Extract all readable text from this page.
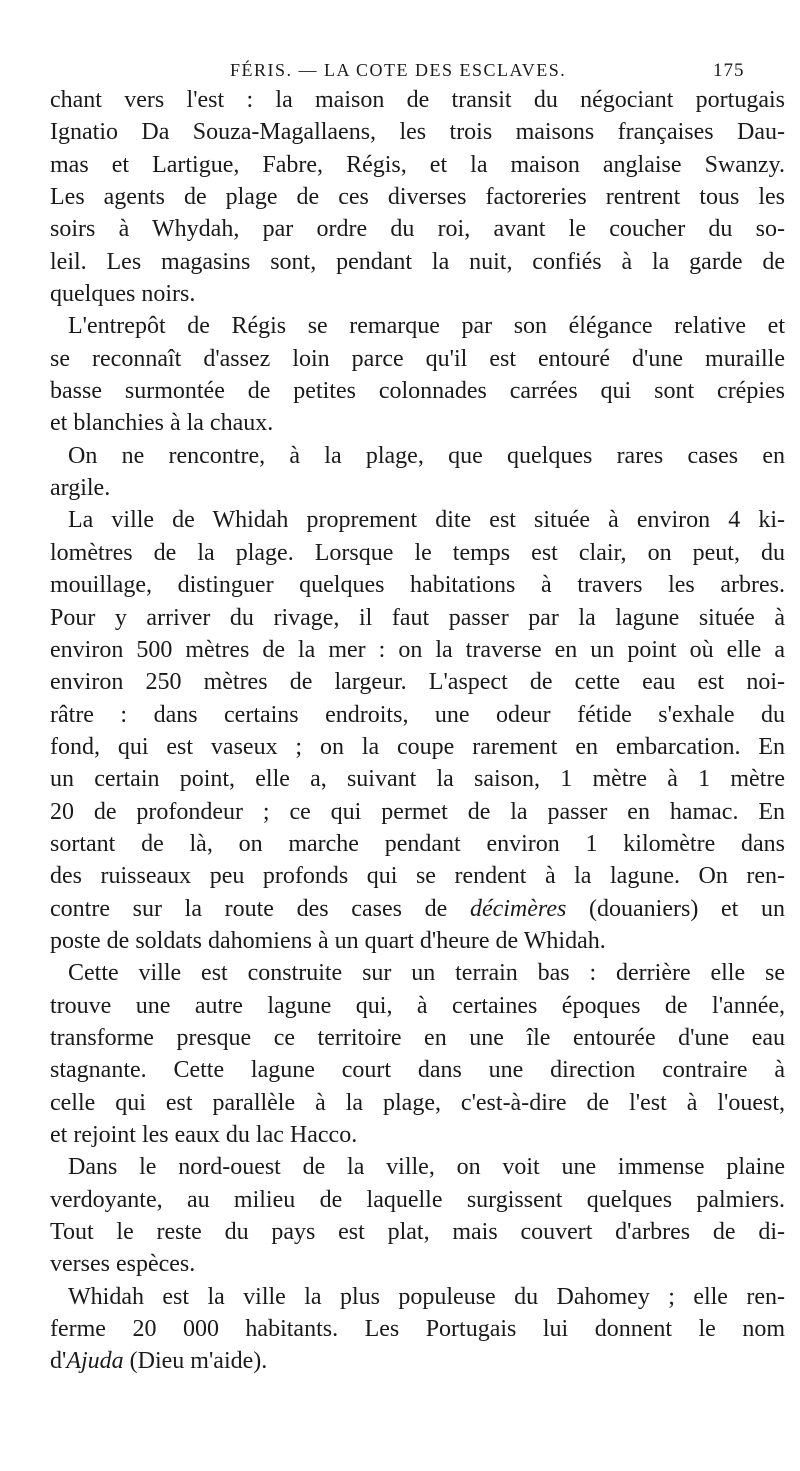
FÉRIS. — LA COTE DES ESCLAVES.	175
chant vers l'est : la maison de transit du négociant portugais
Ignatio Da Souza-Magallaens, les trois maisons françaises Dau-
mas et Lartigue, Fabre, Régis, et la maison anglaise Swanzy.
Les agents de plage de ces diverses factoreries rentrent tous les
soirs à Whydah, par ordre du roi, avant le coucher du so-
leil. Les magasins sont, pendant la nuit, confiés à la garde de
quelques noirs.
L'entrepôt de Régis se remarque par son élégance relative et
se reconnaît d'assez loin parce qu'il est entouré d'une muraille
basse surmontée de petites colonnades carrées qui sont crépies
et blanchies à la chaux.
On ne rencontre, à la plage, que quelques rares cases en
argile.
La ville de Whidah proprement dite est située à environ 4 ki-
lomètres de la plage. Lorsque le temps est clair, on peut, du
mouillage, distinguer quelques habitations à travers les arbres.
Pour y arriver du rivage, il faut passer par la lagune située à
environ 500 mètres de la mer : on la traverse en un point où elle a
environ 250 mètres de largeur. L'aspect de cette eau est noi-
râtre : dans certains endroits, une odeur fétide s'exhale du
fond, qui est vaseux ; on la coupe rarement en embarcation. En
un certain point, elle a, suivant la saison, 1 mètre à 1 mètre
20 de profondeur ; ce qui permet de la passer en hamac. En
sortant de là, on marche pendant environ 1 kilomètre dans
des ruisseaux peu profonds qui se rendent à la lagune. On ren-
contre sur la route des cases de décimères (douaniers) et un
poste de soldats dahomiens à un quart d'heure de Whidah.
Cette ville est construite sur un terrain bas : derrière elle se
trouve une autre lagune qui, à certaines époques de l'année,
transforme presque ce territoire en une île entourée d'une eau
stagnante. Cette lagune court dans une direction contraire à
celle qui est parallèle à la plage, c'est-à-dire de l'est à l'ouest,
et rejoint les eaux du lac Hacco.
Dans le nord-ouest de la ville, on voit une immense plaine
verdoyante, au milieu de laquelle surgissent quelques palmiers.
Tout le reste du pays est plat, mais couvert d'arbres de di-
verses espèces.
Whidah est la ville la plus populeuse du Dahomey ; elle ren-
ferme 20 000 habitants. Les Portugais lui donnent le nom
d'Ajuda (Dieu m'aide).
